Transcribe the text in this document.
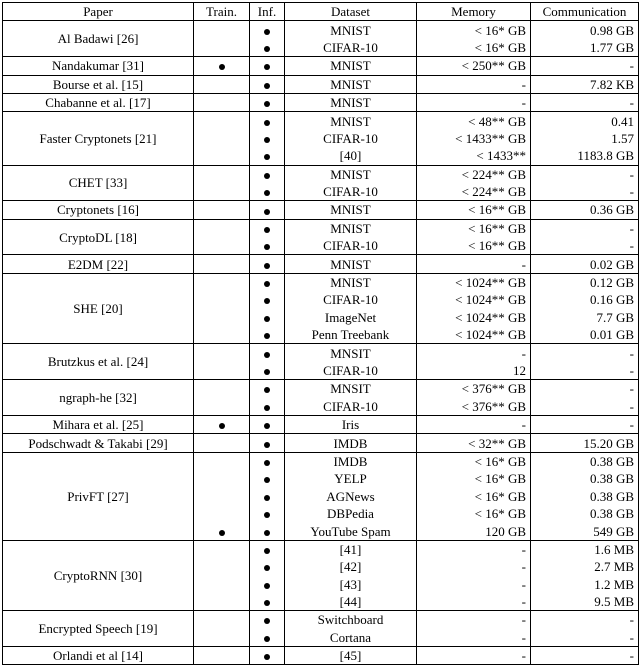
Paper	Train.	Inf.	Dataset	Memory	Communication
Al Badawi [26]			MNIST	< 16* GB	0.98 GB
			CIFAR-10	< 16* GB	1.77 GB
Nandakumar [31]			MNIST	< 250** GB	-
Bourse et al. [15]			MNIST	-	7.82 KB
Chabanne et al. [17]			MNIST	-	-
Faster Cryptonets [21]			MNIST	< 48** GB	0.41
			CIFAR-10	< 1433** GB	1.57
			[40]	< 1433**	1183.8 GB
CHET [33]			MNIST	< 224** GB	-
			CIFAR-10	< 224** GB	-
Cryptonets [16]			MNIST	< 16** GB	0.36 GB
CryptoDL [18]			MNIST	< 16** GB	-
			CIFAR-10	< 16** GB	-
E2DM [22]			MNIST	-	0.02 GB
SHE [20]			MNIST	< 1024** GB	0.12 GB
			CIFAR-10	< 1024** GB	0.16 GB
			ImageNet	< 1024** GB	7.7 GB
			Penn Treebank	< 1024** GB	0.01 GB
Brutzkus et al. [24]			MNSIT	-	-
			CIFAR-10	12	-
ngraph-he [32]			MNSIT	< 376** GB	-
			CIFAR-10	< 376** GB	-
Mihara et al. [25]			Iris	-	-
Podschwadt & Takabi [29]			IMDB	< 32** GB	15.20 GB
PrivFT [27]			IMDB	< 16* GB	0.38 GB
			YELP	< 16* GB	0.38 GB
			AGNews	< 16* GB	0.38 GB
			DBPedia	< 16* GB	0.38 GB
			YouTube Spam	120 GB	549 GB
CryptoRNN [30]			[41]	-	1.6 MB
			[42]	-	2.7 MB
			[43]	-	1.2 MB
			[44]	-	9.5 MB
Encrypted Speech [19]			Switchboard	-	-
			Cortana	-	-
Orlandi et al [14]			[45]	-	-
